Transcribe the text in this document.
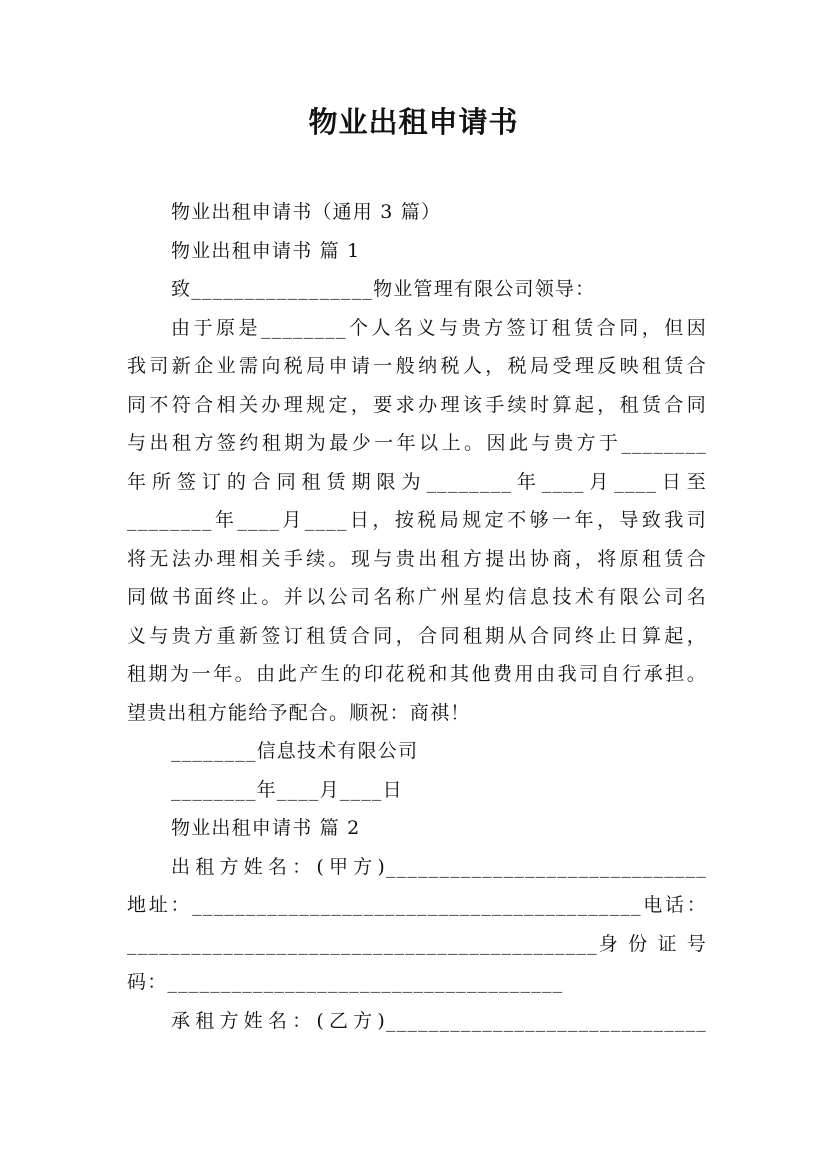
物业出租申请书
物业出租申请书（通用 3 篇）
物业出租申请书 篇 1
致_________________物业管理有限公司领导：
由于原是________个人名义与贵方签订租赁合同，但因
我司新企业需向税局申请一般纳税人，税局受理反映租赁合
同不符合相关办理规定，要求办理该手续时算起，租赁合同
与出租方签约租期为最少一年以上。因此与贵方于________
年所签订的合同租赁期限为________年____月____日至
________年____月____日，按税局规定不够一年，导致我司
将无法办理相关手续。现与贵出租方提出协商，将原租赁合
同做书面终止。并以公司名称广州星灼信息技术有限公司名
义与贵方重新签订租赁合同，合同租期从合同终止日算起，
租期为一年。由此产生的印花税和其他费用由我司自行承担。
望贵出租方能给予配合。顺祝：商祺！
________信息技术有限公司
________年____月____日
物业出租申请书 篇 2
出租方姓名：(甲方)______________________________
地址：__________________________________________电话：
____________________________________________身 份 证 号
码：_____________________________________
承租方姓名：(乙方)______________________________
